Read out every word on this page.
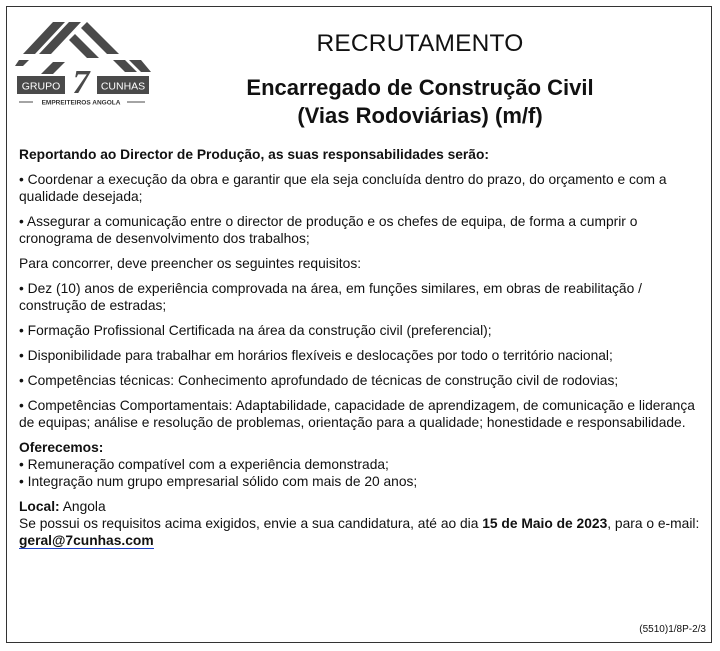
GRUPO	CUNHAS
7
EMPREITEIROS ANGOLA
RECRUTAMENTO
Encarregado de Construção Civil
(Vias Rodoviárias) (m/f)

Reportando ao Director de Produção, as suas responsabilidades serão:

• Coordenar a execução da obra e garantir que ela seja concluída dentro do prazo, do orçamento e com a qualidade desejada;

• Assegurar a comunicação entre o director de produção e os chefes de equipa, de forma a cumprir o cronograma de desenvolvimento dos trabalhos;

Para concorrer, deve preencher os seguintes requisitos:

• Dez (10) anos de experiência comprovada na área, em funções similares, em obras de reabilitação / construção de estradas;

• Formação Profissional Certificada na área da construção civil (preferencial);

• Disponibilidade para trabalhar em horários flexíveis e deslocações por todo o território nacional;

• Competências técnicas: Conhecimento aprofundado de técnicas de construção civil de rodovias;

• Competências Comportamentais: Adaptabilidade, capacidade de aprendizagem, de comunicação e liderança de equipas; análise e resolução de problemas, orientação para a qualidade; honestidade e responsabilidade.

Oferecemos:

• Remuneração compatível com a experiência demonstrada;

• Integração num grupo empresarial sólido com mais de 20 anos;

Local: Angola

Se possui os requisitos acima exigidos, envie a sua candidatura, até ao dia 15 de Maio de 2023, para o e-mail: geral@7cunhas.com

(5510)1/8P-2/3
